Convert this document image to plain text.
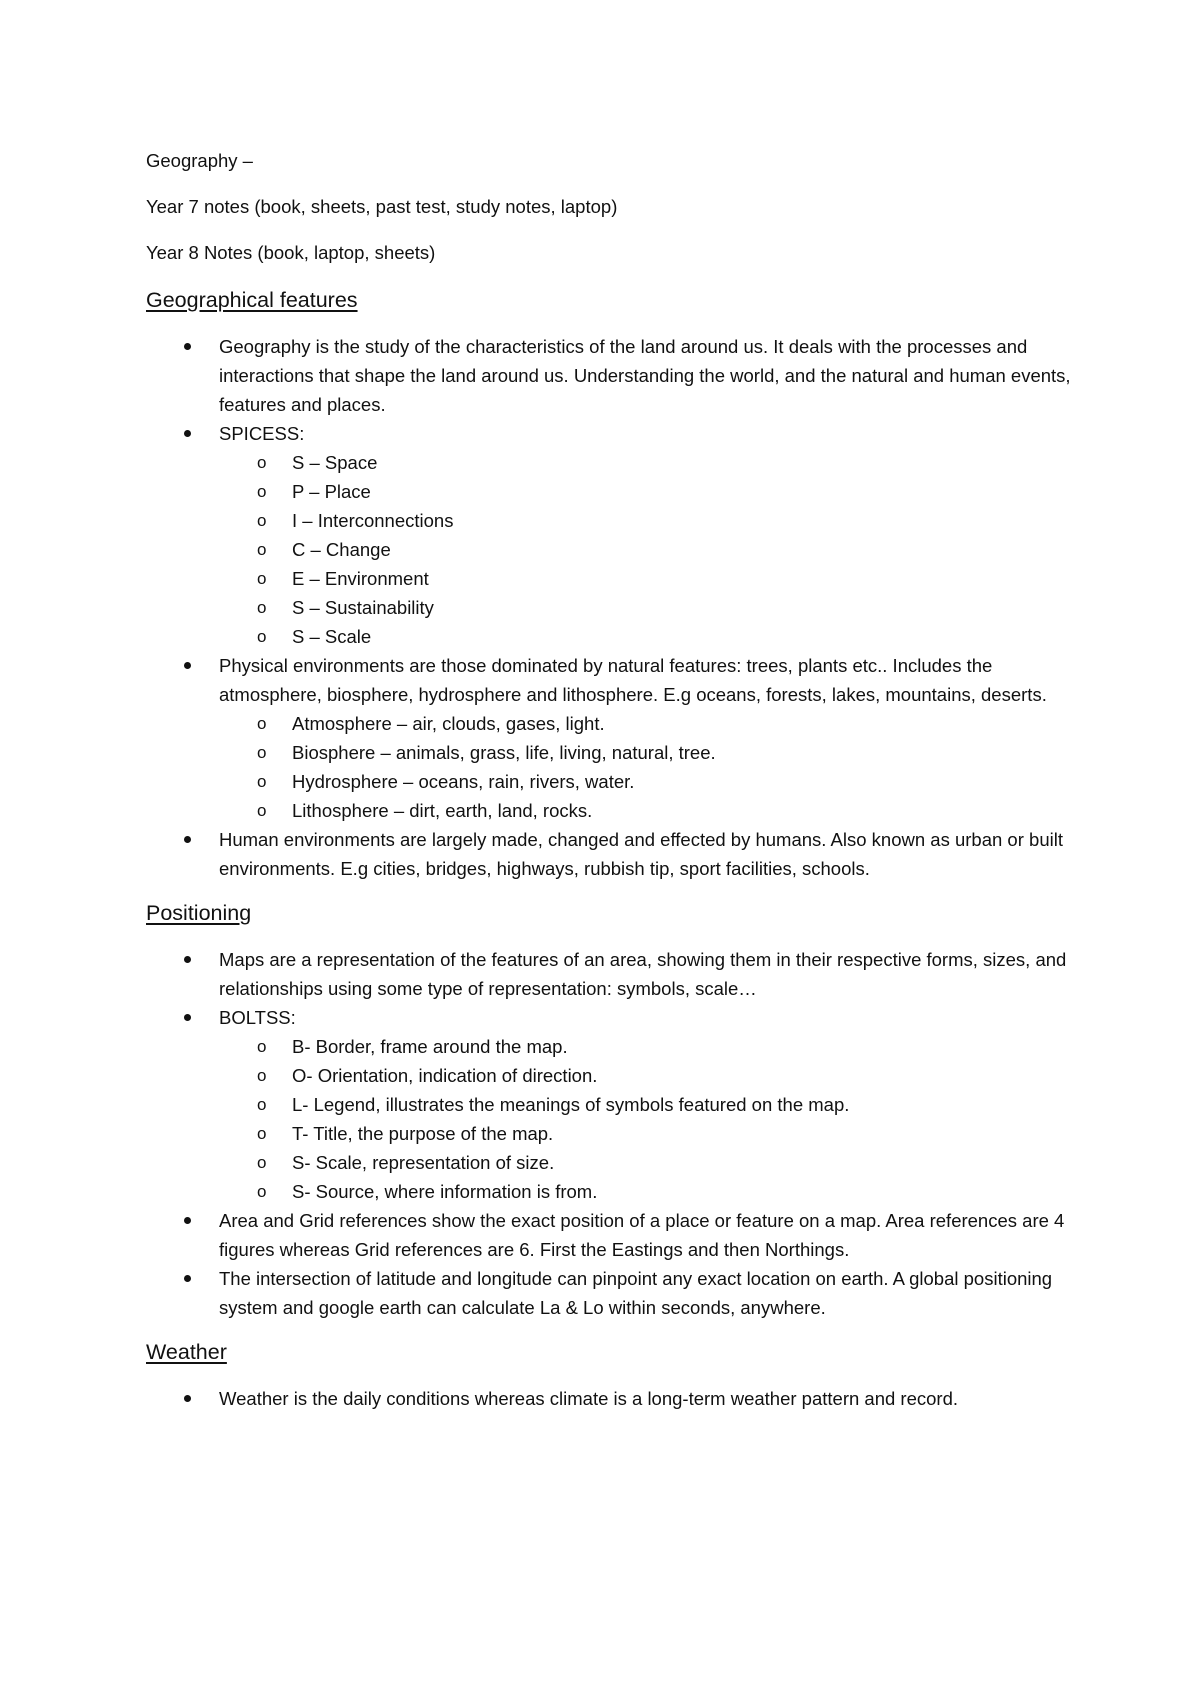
Geography –

Year 7 notes (book, sheets, past test, study notes, laptop)

Year 8 Notes (book, laptop, sheets)

Geographical features
Geography is the study of the characteristics of the land around us. It deals with the processes and interactions that shape the land around us. Understanding the world, and the natural and human events, features and places.
SPICESS:
o S – Space
o P – Place
o I – Interconnections
o C – Change
o E – Environment
o S – Sustainability
o S – Scale
Physical environments are those dominated by natural features: trees, plants etc.. Includes the atmosphere, biosphere, hydrosphere and lithosphere. E.g oceans, forests, lakes, mountains, deserts.
o Atmosphere – air, clouds, gases, light.
o Biosphere – animals, grass, life, living, natural, tree.
o Hydrosphere – oceans, rain, rivers, water.
o Lithosphere – dirt, earth, land, rocks.
Human environments are largely made, changed and effected by humans. Also known as urban or built environments. E.g cities, bridges, highways, rubbish tip, sport facilities, schools.
Positioning
Maps are a representation of the features of an area, showing them in their respective forms, sizes, and relationships using some type of representation: symbols, scale…
BOLTSS:
o B- Border, frame around the map.
o O- Orientation, indication of direction.
o L- Legend, illustrates the meanings of symbols featured on the map.
o T- Title, the purpose of the map.
o S- Scale, representation of size.
o S- Source, where information is from.
Area and Grid references show the exact position of a place or feature on a map. Area references are 4 figures whereas Grid references are 6. First the Eastings and then Northings.
The intersection of latitude and longitude can pinpoint any exact location on earth. A global positioning system and google earth can calculate La & Lo within seconds, anywhere.
Weather
Weather is the daily conditions whereas climate is a long-term weather pattern and record.
